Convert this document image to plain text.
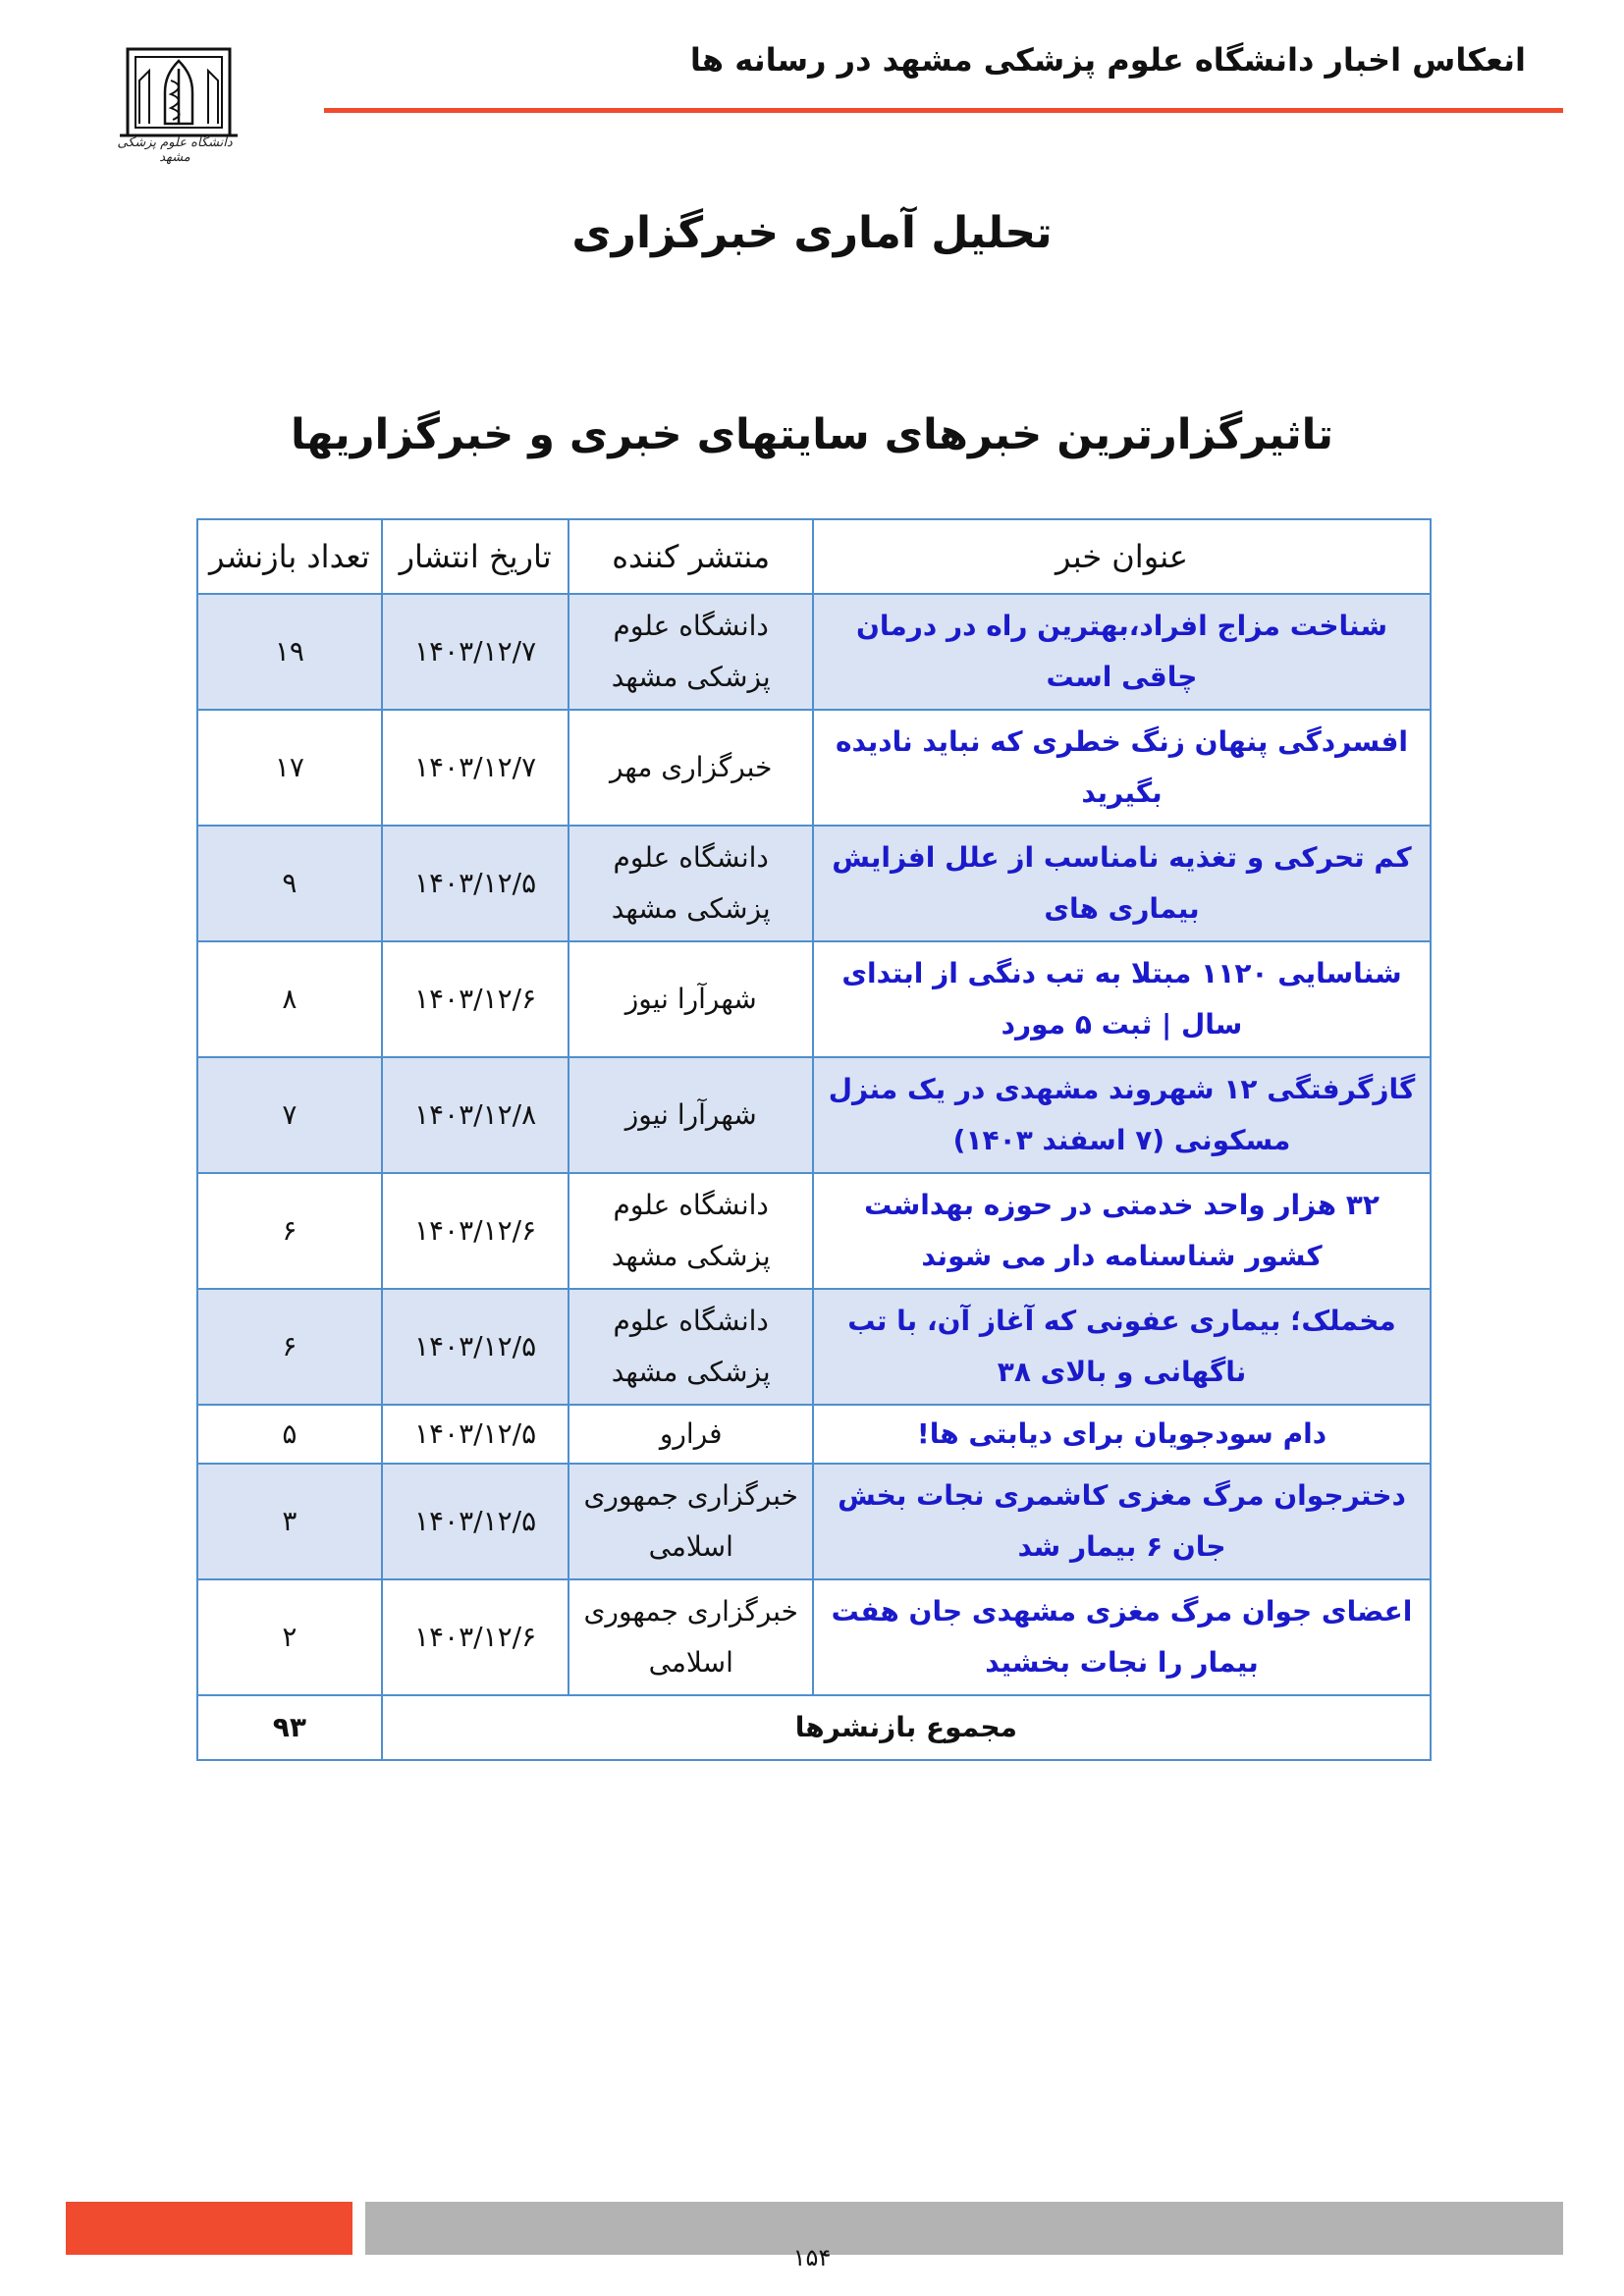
انعکاس اخبار دانشگاه علوم پزشکی مشهد در رسانه ها
دانشگاه علوم پزشکی مشهد
تحلیل آماری خبرگزاری
تاثیرگزارترین خبرهای سایتهای خبری و خبرگزاریها
عنوان خبر	منتشر کننده	تاریخ انتشار	تعداد بازنشر
شناخت مزاج افراد،بهترین راه در درمان چاقی است	دانشگاه علوم پزشکی مشهد	۱۴۰۳/۱۲/۷	۱۹
افسردگی پنهان زنگ خطری که نباید نادیده بگیرید	خبرگزاری مهر	۱۴۰۳/۱۲/۷	۱۷
کم تحرکی و تغذیه نامناسب از علل افزایش بیماری های	دانشگاه علوم پزشکی مشهد	۱۴۰۳/۱۲/۵	۹
شناسایی ۱۱۲۰ مبتلا به تب دنگی از ابتدای سال | ثبت ۵ مورد	شهرآرا نیوز	۱۴۰۳/۱۲/۶	۸
گازگرفتگی ۱۲ شهروند مشهدی در یک منزل مسکونی (۷ اسفند ۱۴۰۳)	شهرآرا نیوز	۱۴۰۳/۱۲/۸	۷
۳۲ هزار واحد خدمتی در حوزه بهداشت کشور شناسنامه دار می شوند	دانشگاه علوم پزشکی مشهد	۱۴۰۳/۱۲/۶	۶
مخملک؛ بیماری عفونی که آغاز آن، با تب ناگهانی و بالای ۳۸	دانشگاه علوم پزشکی مشهد	۱۴۰۳/۱۲/۵	۶
دام سودجویان برای دیابتی ها!	فرارو	۱۴۰۳/۱۲/۵	۵
دخترجوان مرگ مغزی کاشمری نجات بخش جان ۶ بیمار شد	خبرگزاری جمهوری اسلامی	۱۴۰۳/۱۲/۵	۳
اعضای جوان مرگ مغزی مشهدی جان هفت بیمار را نجات بخشید	خبرگزاری جمهوری اسلامی	۱۴۰۳/۱۲/۶	۲
مجموع بازنشرها			۹۳
۱۵۴
